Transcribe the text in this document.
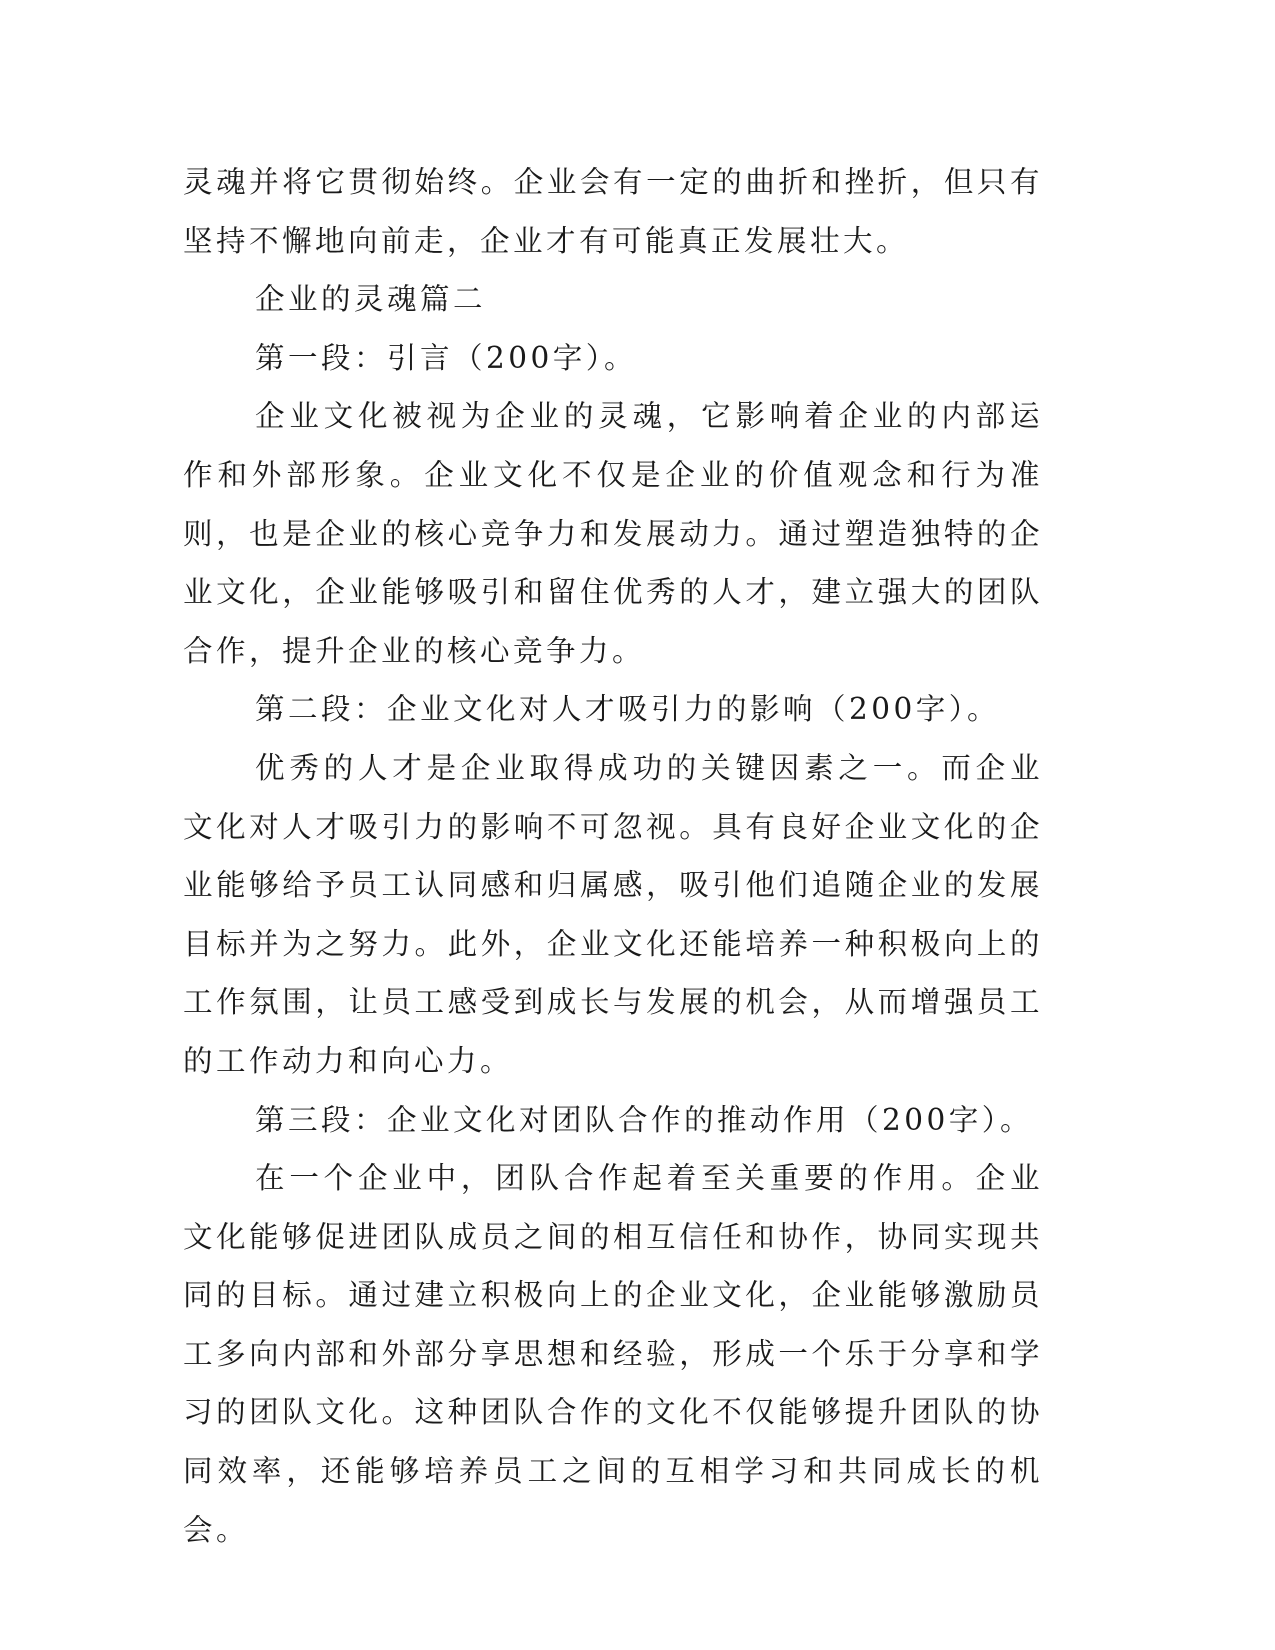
灵魂并将它贯彻始终。企业会有一定的曲折和挫折，但只有坚持不懈地向前走，企业才有可能真正发展壮大。

企业的灵魂篇二

第一段：引言（200字）。

企业文化被视为企业的灵魂，它影响着企业的内部运作和外部形象。企业文化不仅是企业的价值观念和行为准则，也是企业的核心竞争力和发展动力。通过塑造独特的企业文化，企业能够吸引和留住优秀的人才，建立强大的团队合作，提升企业的核心竞争力。

第二段：企业文化对人才吸引力的影响（200字）。

优秀的人才是企业取得成功的关键因素之一。而企业文化对人才吸引力的影响不可忽视。具有良好企业文化的企业能够给予员工认同感和归属感，吸引他们追随企业的发展目标并为之努力。此外，企业文化还能培养一种积极向上的工作氛围，让员工感受到成长与发展的机会，从而增强员工的工作动力和向心力。

第三段：企业文化对团队合作的推动作用（200字）。

在一个企业中，团队合作起着至关重要的作用。企业文化能够促进团队成员之间的相互信任和协作，协同实现共同的目标。通过建立积极向上的企业文化，企业能够激励员工多向内部和外部分享思想和经验，形成一个乐于分享和学习的团队文化。这种团队合作的文化不仅能够提升团队的协同效率，还能够培养员工之间的互相学习和共同成长的机会。
